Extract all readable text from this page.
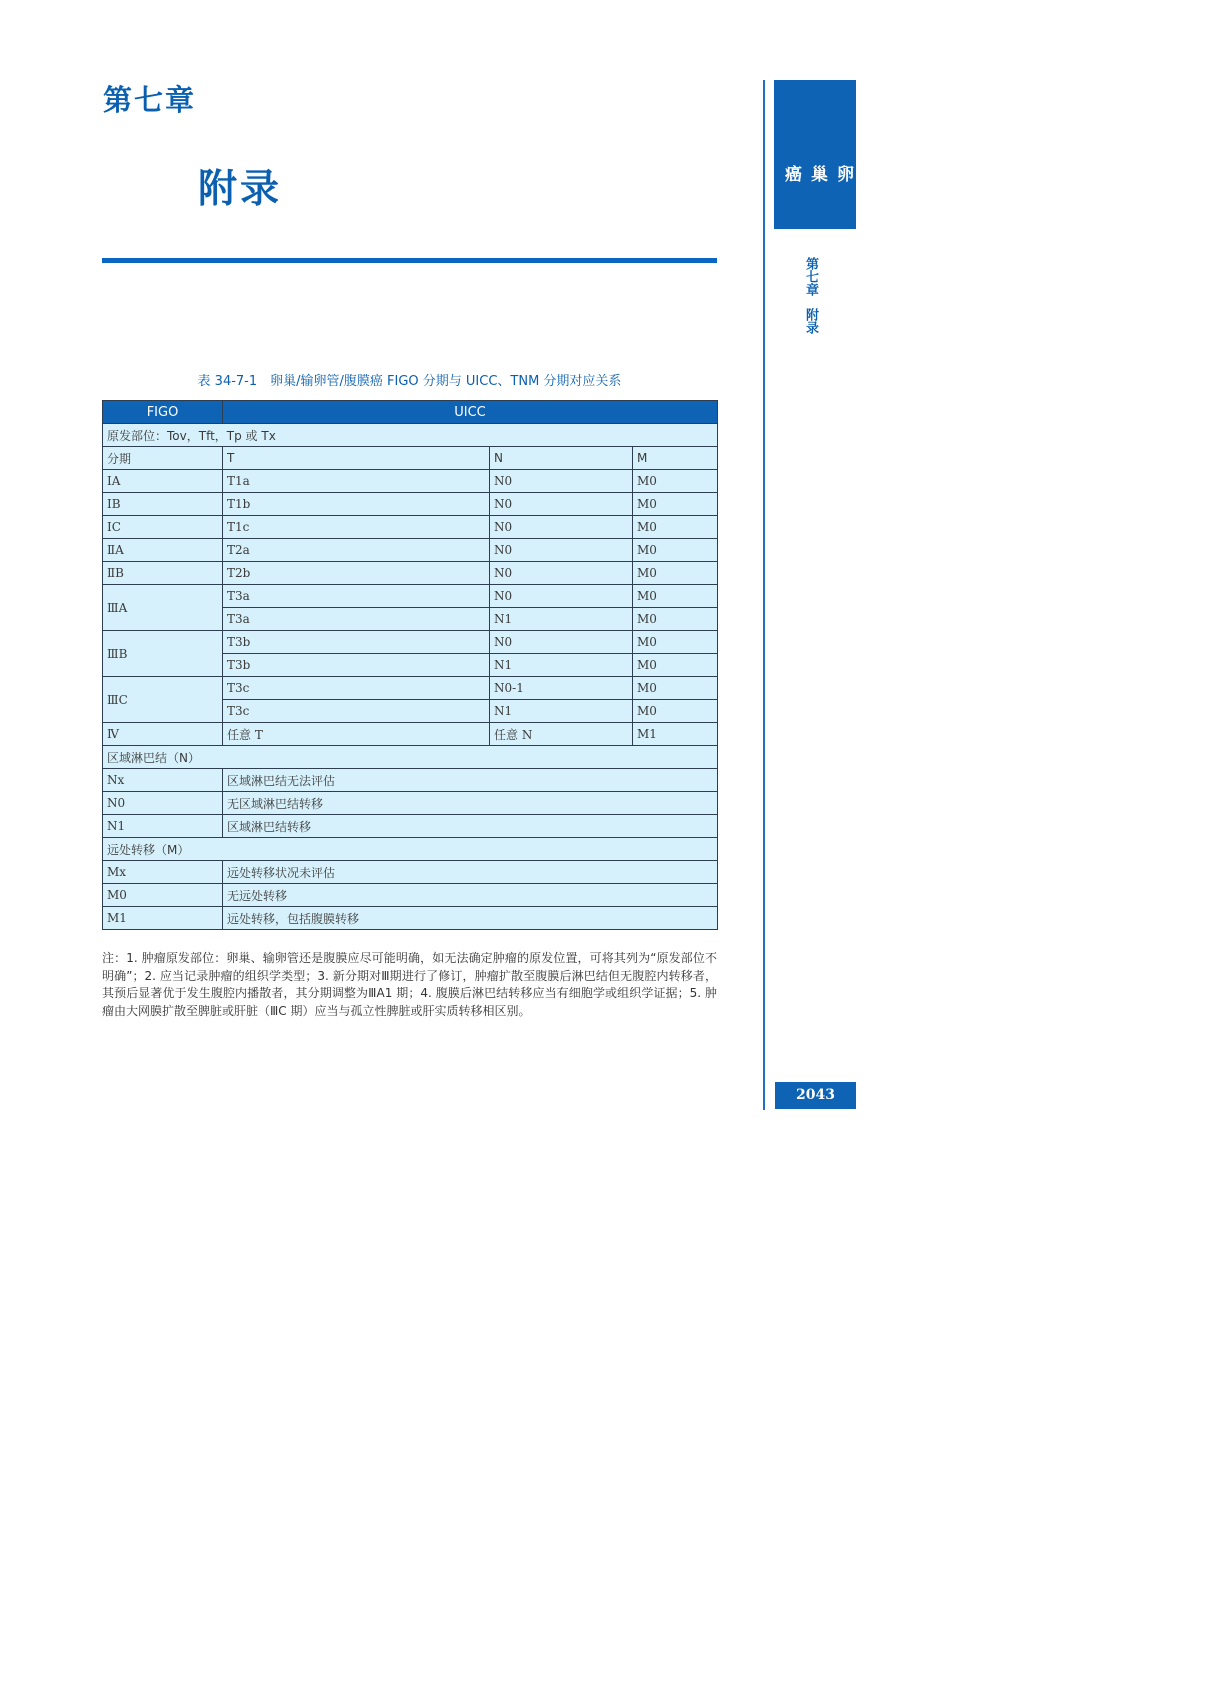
第七章
附录	卵
巢
癌
第七章附录
2043
表 34-7-1　卵巢/输卵管/腹膜癌 FIGO 分期与 UICC、TNM 分期对应关系
FIGO	UICC		
原发部位：Tov，Tft，Tp 或 Tx			
分期	T	N	M
ⅠA	T1a	N0	M0
ⅠB	T1b	N0	M0
ⅠC	T1c	N0	M0
ⅡA	T2a	N0	M0
ⅡB	T2b	N0	M0
ⅢA	T3a	N0	M0
	T3a	N1	M0
ⅢB	T3b	N0	M0
	T3b	N1	M0
ⅢC	T3c	N0-1	M0
	T3c	N1	M0
Ⅳ	任意 T	任意 N	M1
区域淋巴结（N）			
Nx	区域淋巴结无法评估		
N0	无区域淋巴结转移		
N1	区域淋巴结转移		
远处转移（M）			
Mx	远处转移状况未评估		
M0	无远处转移		
M1	远处转移，包括腹膜转移		
注：1. 肿瘤原发部位：卵巢、输卵管还是腹膜应尽可能明确，如无法确定肿瘤的原发位置，可将其列为“原发部位不明确”；2. 应当记录肿瘤的组织学类型；3. 新分期对Ⅲ期进行了修订，肿瘤扩散至腹膜后淋巴结但无腹腔内转移者，其预后显著优于发生腹腔内播散者，其分期调整为ⅢA1 期；4. 腹膜后淋巴结转移应当有细胞学或组织学证据；5. 肿瘤由大网膜扩散至脾脏或肝脏（ⅢC 期）应当与孤立性脾脏或肝实质转移相区别。
